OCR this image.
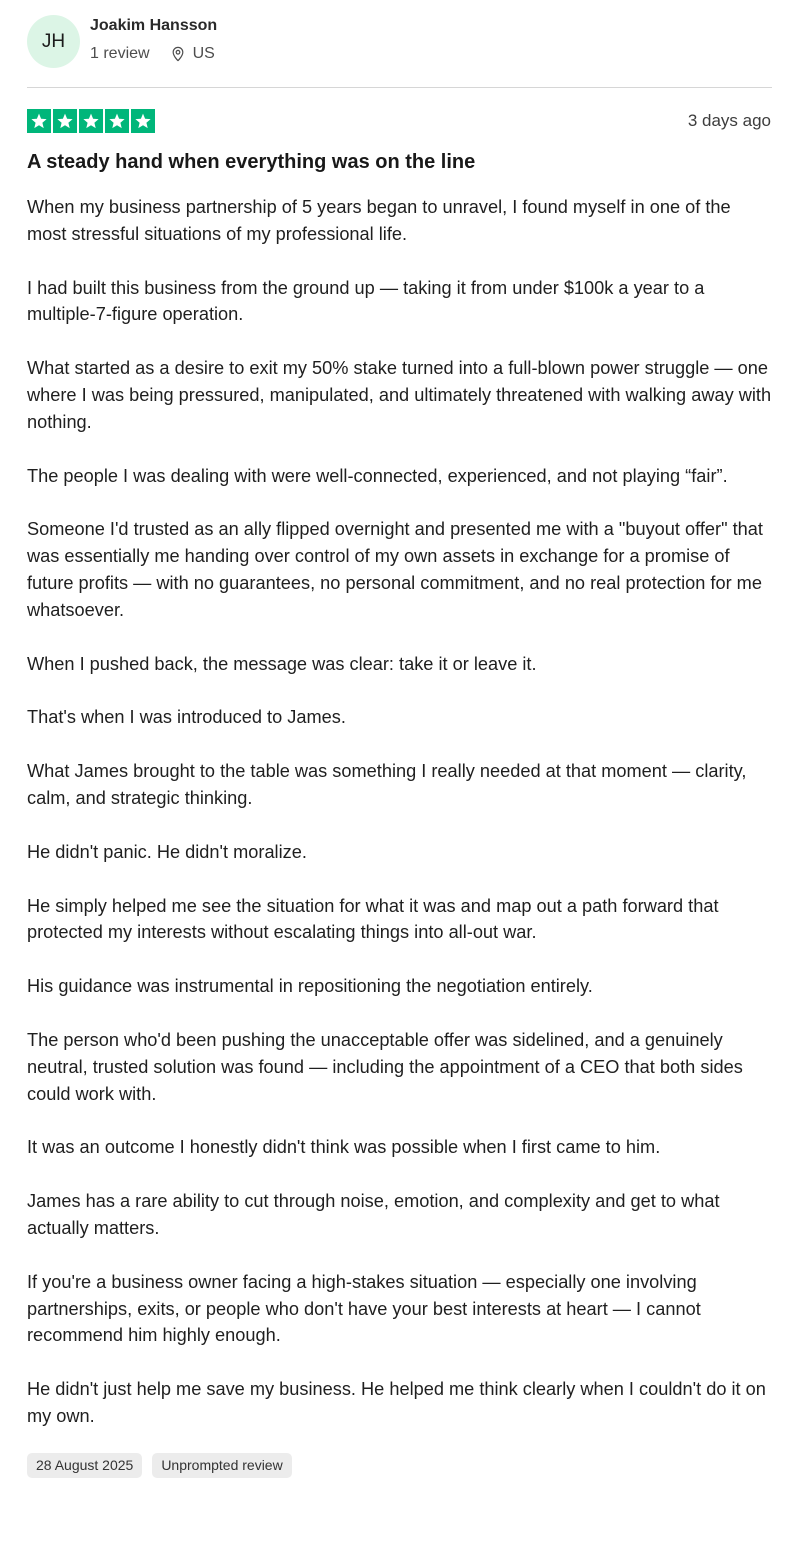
JH
Joakim Hansson
1 review	US
3 days ago
A steady hand when everything was on the line

When my business partnership of 5 years began to unravel, I found myself in one of the most stressful situations of my professional life.

I had built this business from the ground up — taking it from under $100k a year to a multiple-7-figure operation.

What started as a desire to exit my 50% stake turned into a full-blown power struggle — one where I was being pressured, manipulated, and ultimately threatened with walking away with nothing.

The people I was dealing with were well-connected, experienced, and not playing “fair”.

Someone I'd trusted as an ally flipped overnight and presented me with a "buyout offer" that was essentially me handing over control of my own assets in exchange for a promise of future profits — with no guarantees, no personal commitment, and no real protection for me whatsoever.

When I pushed back, the message was clear: take it or leave it.

That's when I was introduced to James.

What James brought to the table was something I really needed at that moment — clarity, calm, and strategic thinking.

He didn't panic. He didn't moralize.

He simply helped me see the situation for what it was and map out a path forward that protected my interests without escalating things into all-out war.

His guidance was instrumental in repositioning the negotiation entirely.

The person who'd been pushing the unacceptable offer was sidelined, and a genuinely neutral, trusted solution was found — including the appointment of a CEO that both sides could work with.

It was an outcome I honestly didn't think was possible when I first came to him.

James has a rare ability to cut through noise, emotion, and complexity and get to what actually matters.

If you're a business owner facing a high-stakes situation — especially one involving partnerships, exits, or people who don't have your best interests at heart — I cannot recommend him highly enough.

He didn't just help me save my business. He helped me think clearly when I couldn't do it on my own.

28 August 2025	Unprompted review
